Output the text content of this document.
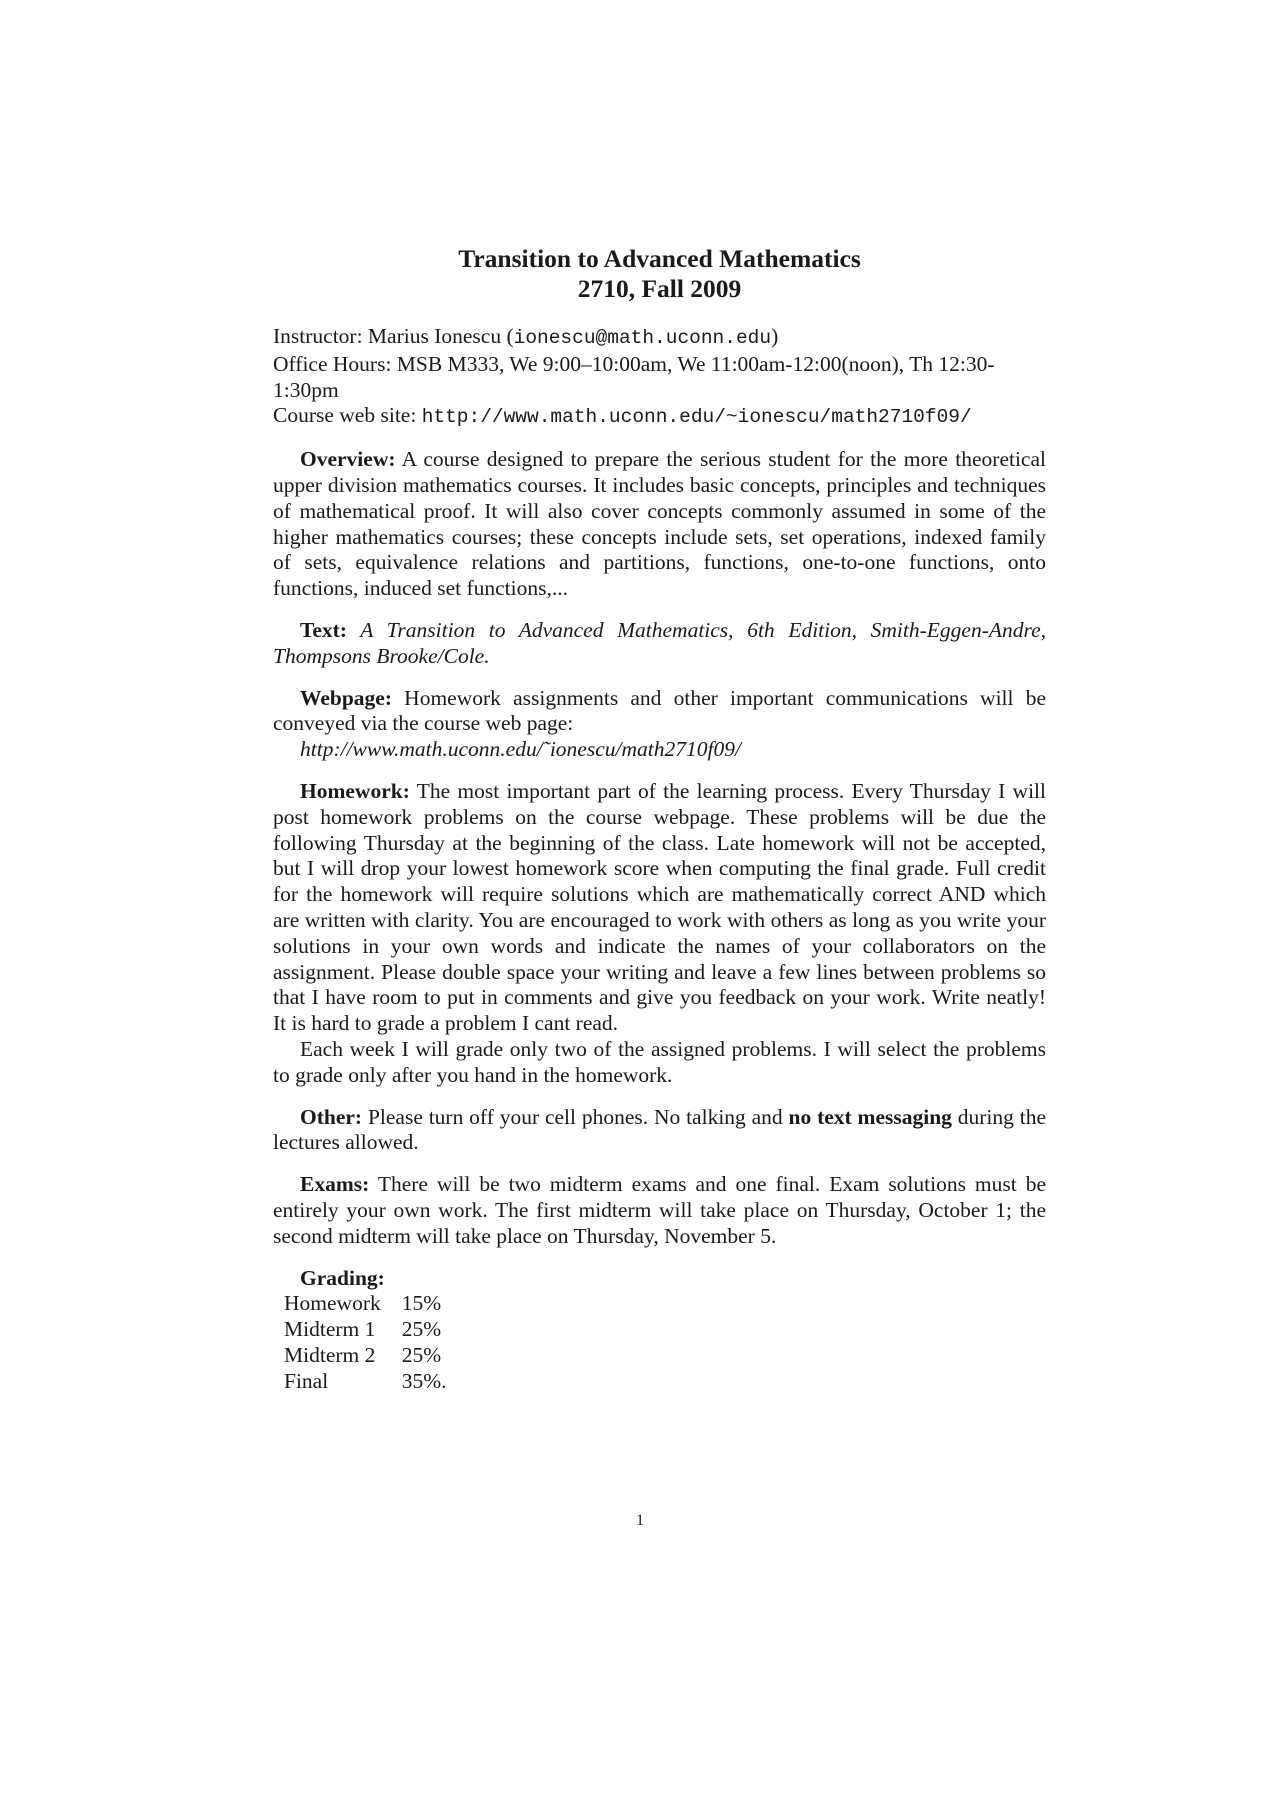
Transition to Advanced Mathematics
2710, Fall 2009
Instructor: Marius Ionescu (ionescu@math.uconn.edu)
Office Hours: MSB M333, We 9:00–10:00am, We 11:00am-12:00(noon), Th 12:30-1:30pm
Course web site: http://www.math.uconn.edu/~ionescu/math2710f09/
Overview: A course designed to prepare the serious student for the more theoretical upper division mathematics courses. It includes basic concepts, principles and techniques of mathematical proof. It will also cover concepts commonly assumed in some of the higher mathematics courses; these concepts include sets, set operations, indexed family of sets, equivalence relations and partitions, functions, one-to-one functions, onto functions, induced set functions,...
Text: A Transition to Advanced Mathematics, 6th Edition, Smith-Eggen-Andre, Thompsons Brooke/Cole.
Webpage: Homework assignments and other important communications will be conveyed via the course web page:
http://www.math.uconn.edu/˜ionescu/math2710f09/
Homework: The most important part of the learning process. Every Thursday I will post homework problems on the course webpage. These problems will be due the following Thursday at the beginning of the class. Late homework will not be accepted, but I will drop your lowest homework score when computing the final grade. Full credit for the homework will require solutions which are mathematically correct AND which are written with clarity. You are encouraged to work with others as long as you write your solutions in your own words and indicate the names of your collaborators on the assignment. Please double space your writing and leave a few lines between problems so that I have room to put in comments and give you feedback on your work. Write neatly! It is hard to grade a problem I cant read.
Each week I will grade only two of the assigned problems. I will select the problems to grade only after you hand in the homework.
Other: Please turn off your cell phones. No talking and no text messaging during the lectures allowed.
Exams: There will be two midterm exams and one final. Exam solutions must be entirely your own work. The first midterm will take place on Thursday, October 1; the second midterm will take place on Thursday, November 5.
Grading:
Homework	15%
Midterm 1	25%
Midterm 2	25%
Final	35%.
1
